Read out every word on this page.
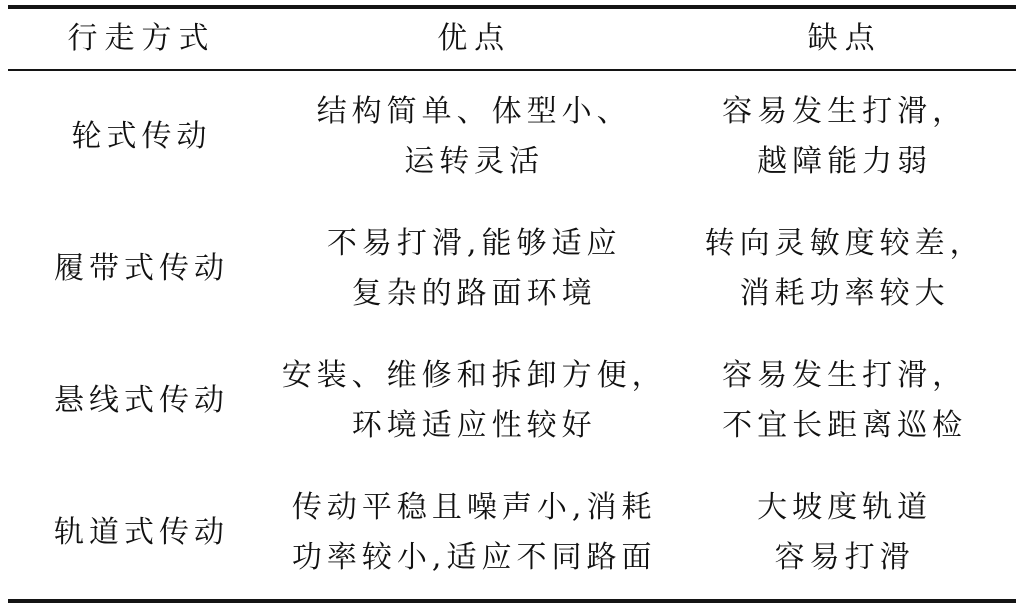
行走方式	优点	缺点
轮式传动
结构简单、体型小、
运转灵活
容易发生打滑，
越障能力弱
履带式传动
不易打滑,能够适应
复杂的路面环境
转向灵敏度较差，
消耗功率较大
悬线式传动
安装、维修和拆卸方便，
环境适应性较好
容易发生打滑，
不宜长距离巡检
轨道式传动
传动平稳且噪声小,消耗
功率较小,适应不同路面
大坡度轨道
容易打滑
